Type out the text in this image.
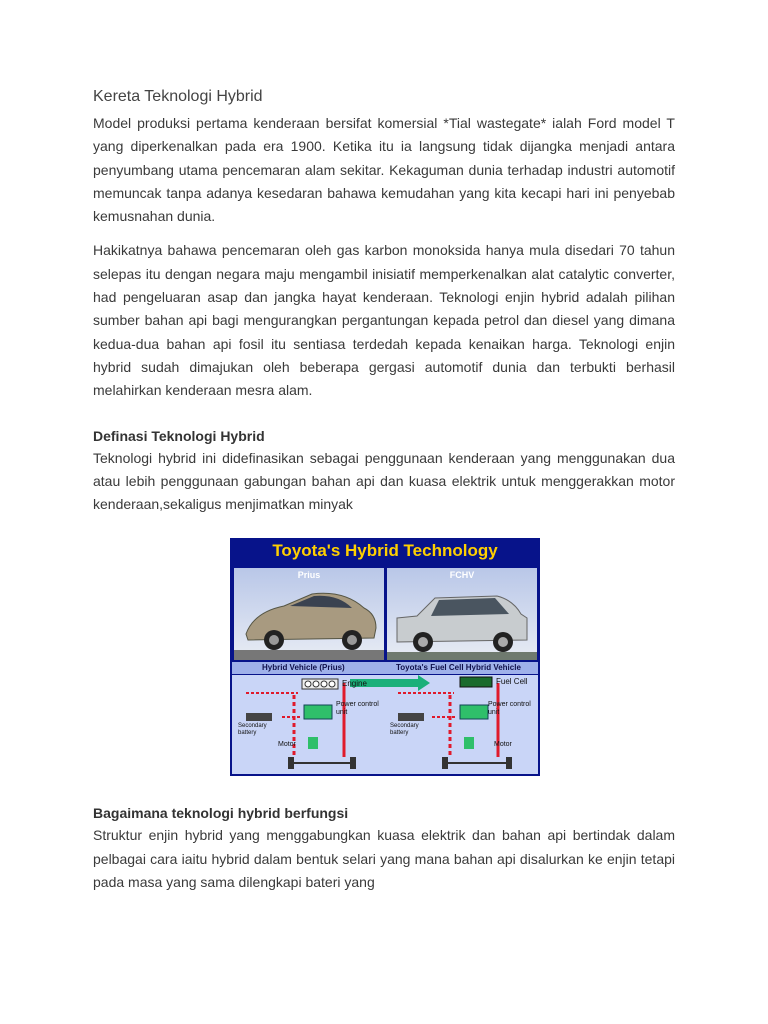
Kereta Teknologi Hybrid

Model produksi pertama kenderaan bersifat komersial *Tial wastegate* ialah Ford model T yang diperkenalkan pada era 1900. Ketika itu ia langsung tidak dijangka menjadi antara penyumbang utama pencemaran alam sekitar. Kekaguman dunia terhadap industri automotif memuncak tanpa adanya kesedaran bahawa kemudahan yang kita kecapi hari ini penyebab kemusnahan dunia.

Hakikatnya bahawa pencemaran oleh gas karbon monoksida hanya mula disedari 70 tahun selepas itu dengan negara maju mengambil inisiatif memperkenalkan alat catalytic converter, had pengeluaran asap dan jangka hayat kenderaan. Teknologi enjin hybrid adalah pilihan sumber bahan api bagi mengurangkan pergantungan kepada petrol dan diesel yang dimana kedua-dua bahan api fosil itu sentiasa terdedah kepada kenaikan harga. Teknologi enjin hybrid sudah dimajukan oleh beberapa gergasi automotif dunia dan terbukti berhasil melahirkan kenderaan mesra alam.

Definasi Teknologi Hybrid

Teknologi hybrid ini didefinasikan sebagai penggunaan kenderaan yang menggunakan dua atau lebih penggunaan gabungan bahan api dan kuasa elektrik untuk menggerakkan motor kenderaan,sekaligus menjimatkan minyak

Toyota's Hybrid Technology
Prius	FCHV
Hybrid Vehicle (Prius)	Toyota's Fuel Cell Hybrid Vehicle
Engine	Fuel Cell
Power control unit
Power control unit
Secondary battery
Secondary battery
Motor	Motor
Bagaimana teknologi hybrid berfungsi

Struktur enjin hybrid yang menggabungkan kuasa elektrik dan bahan api bertindak dalam pelbagai cara iaitu hybrid dalam bentuk selari yang mana bahan api disalurkan ke enjin tetapi pada masa yang sama dilengkapi bateri yang
